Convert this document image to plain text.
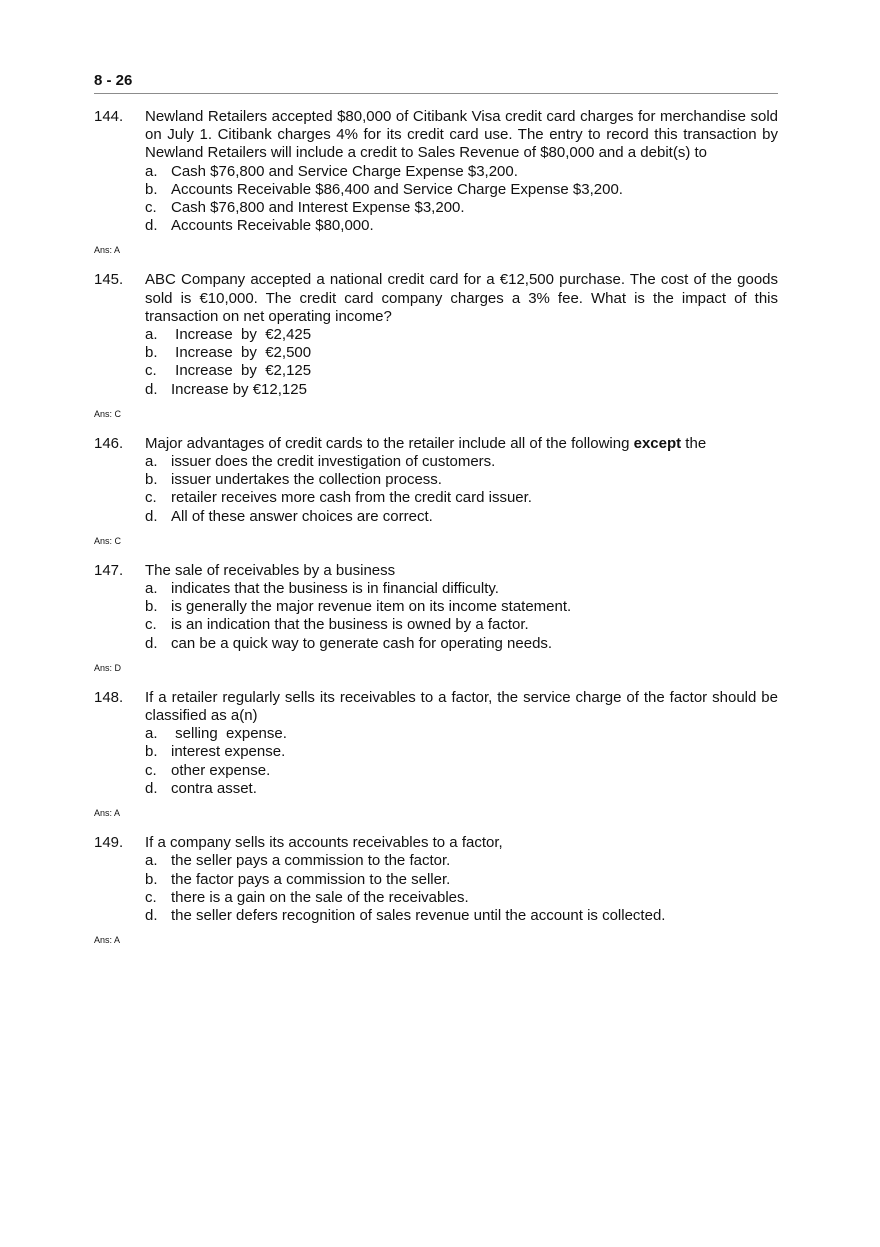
8 - 26
144.	Newland Retailers accepted $80,000 of Citibank Visa credit card charges for merchandise sold on July 1. Citibank charges 4% for its credit card use. The entry to record this transaction by Newland Retailers will include a credit to Sales Revenue of $80,000 and a debit(s) to
a. Cash $76,800 and Service Charge Expense $3,200.
b. Accounts Receivable $86,400 and Service Charge Expense $3,200.
c. Cash $76,800 and Interest Expense $3,200.
d. Accounts Receivable $80,000.
Ans: A
145.	ABC Company accepted a national credit card for a €12,500 purchase. The cost of the goods sold is €10,000. The credit card company charges a 3% fee. What is the impact of this transaction on net operating income?
a. Increase  by  €2,425
b. Increase  by  €2,500
c. Increase  by  €2,125
d. Increase by €12,125
Ans: C
146.	Major advantages of credit cards to the retailer include all of the following except the
a. issuer does the credit investigation of customers.
b. issuer undertakes the collection process.
c. retailer receives more cash from the credit card issuer.
d. All of these answer choices are correct.
Ans: C
147.	The sale of receivables by a business
a. indicates that the business is in financial difficulty.
b. is generally the major revenue item on its income statement.
c. is an indication that the business is owned by a factor.
d. can be a quick way to generate cash for operating needs.
Ans: D
148.	If a retailer regularly sells its receivables to a factor, the service charge of the factor should be classified as a(n)
a. selling  expense.
b. interest expense.
c. other expense.
d. contra asset.
Ans: A
149.	If a company sells its accounts receivables to a factor,
a. the seller pays a commission to the factor.
b. the factor pays a commission to the seller.
c. there is a gain on the sale of the receivables.
d. the seller defers recognition of sales revenue until the account is collected.
Ans: A
